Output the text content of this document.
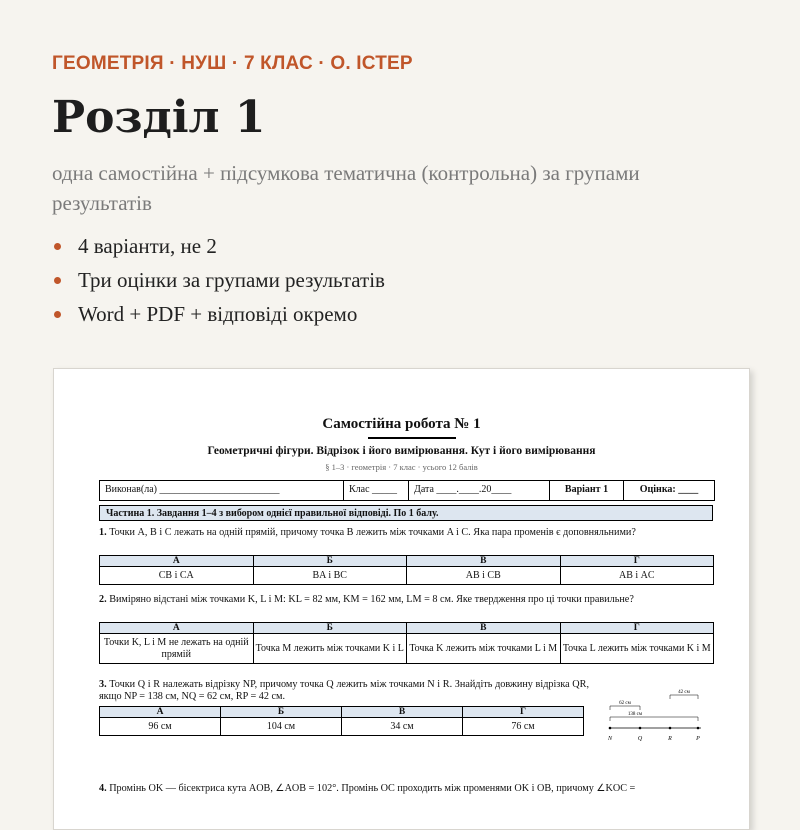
ГЕОМЕТРІЯ · НУШ · 7 КЛАС · О. ІСТЕР
Розділ 1
одна самостійна + підсумкова тематична (контрольна) за групами результатів
4 варіанти, не 2
Три оцінки за групами результатів
Word + PDF + відповіді окремо
Самостійна робота № 1
Геометричні фігури. Відрізок і його вимірювання. Кут і його вимірювання
§ 1–3 · геометрія · 7 клас · усього 12 балів
Виконав(ла) ________________________	Клас _____	Дата ____.____.20____	Варіант 1	Оцінка: ____
Частина 1. Завдання 1–4 з вибором однієї правильної відповіді. По 1 балу.
1. Точки A, B і C лежать на одній прямій, причому точка B лежить між точками A і C. Яка пара променів є доповняльними?
А	Б	В	Г
CB і CA	BA і BC	AB і CB	AB і AC
2. Виміряно відстані між точками K, L і M: KL = 82 мм, KM = 162 мм, LM = 8 см. Яке твердження про ці точки правильне?
А	Б	В	Г
Точки K, L і M не лежать на одній прямій	Точка M лежить між точками K і L	Точка K лежить між точками L і M	Точка L лежить між точками K і M
3. Точки Q і R належать відрізку NP, причому точка Q лежить між точками N і R. Знайдіть довжину відрізка QR, якщо NP = 138 см, NQ = 62 см, RP = 42 см.
А	Б	В	Г
96 см	104 см	34 см	76 см
42 см
62 см
138 см
N	Q	R	P
4. Промінь OK — бісектриса кута AOB, ∠AOB = 102°. Промінь OC проходить між променями OK і OB, причому ∠KOC =
